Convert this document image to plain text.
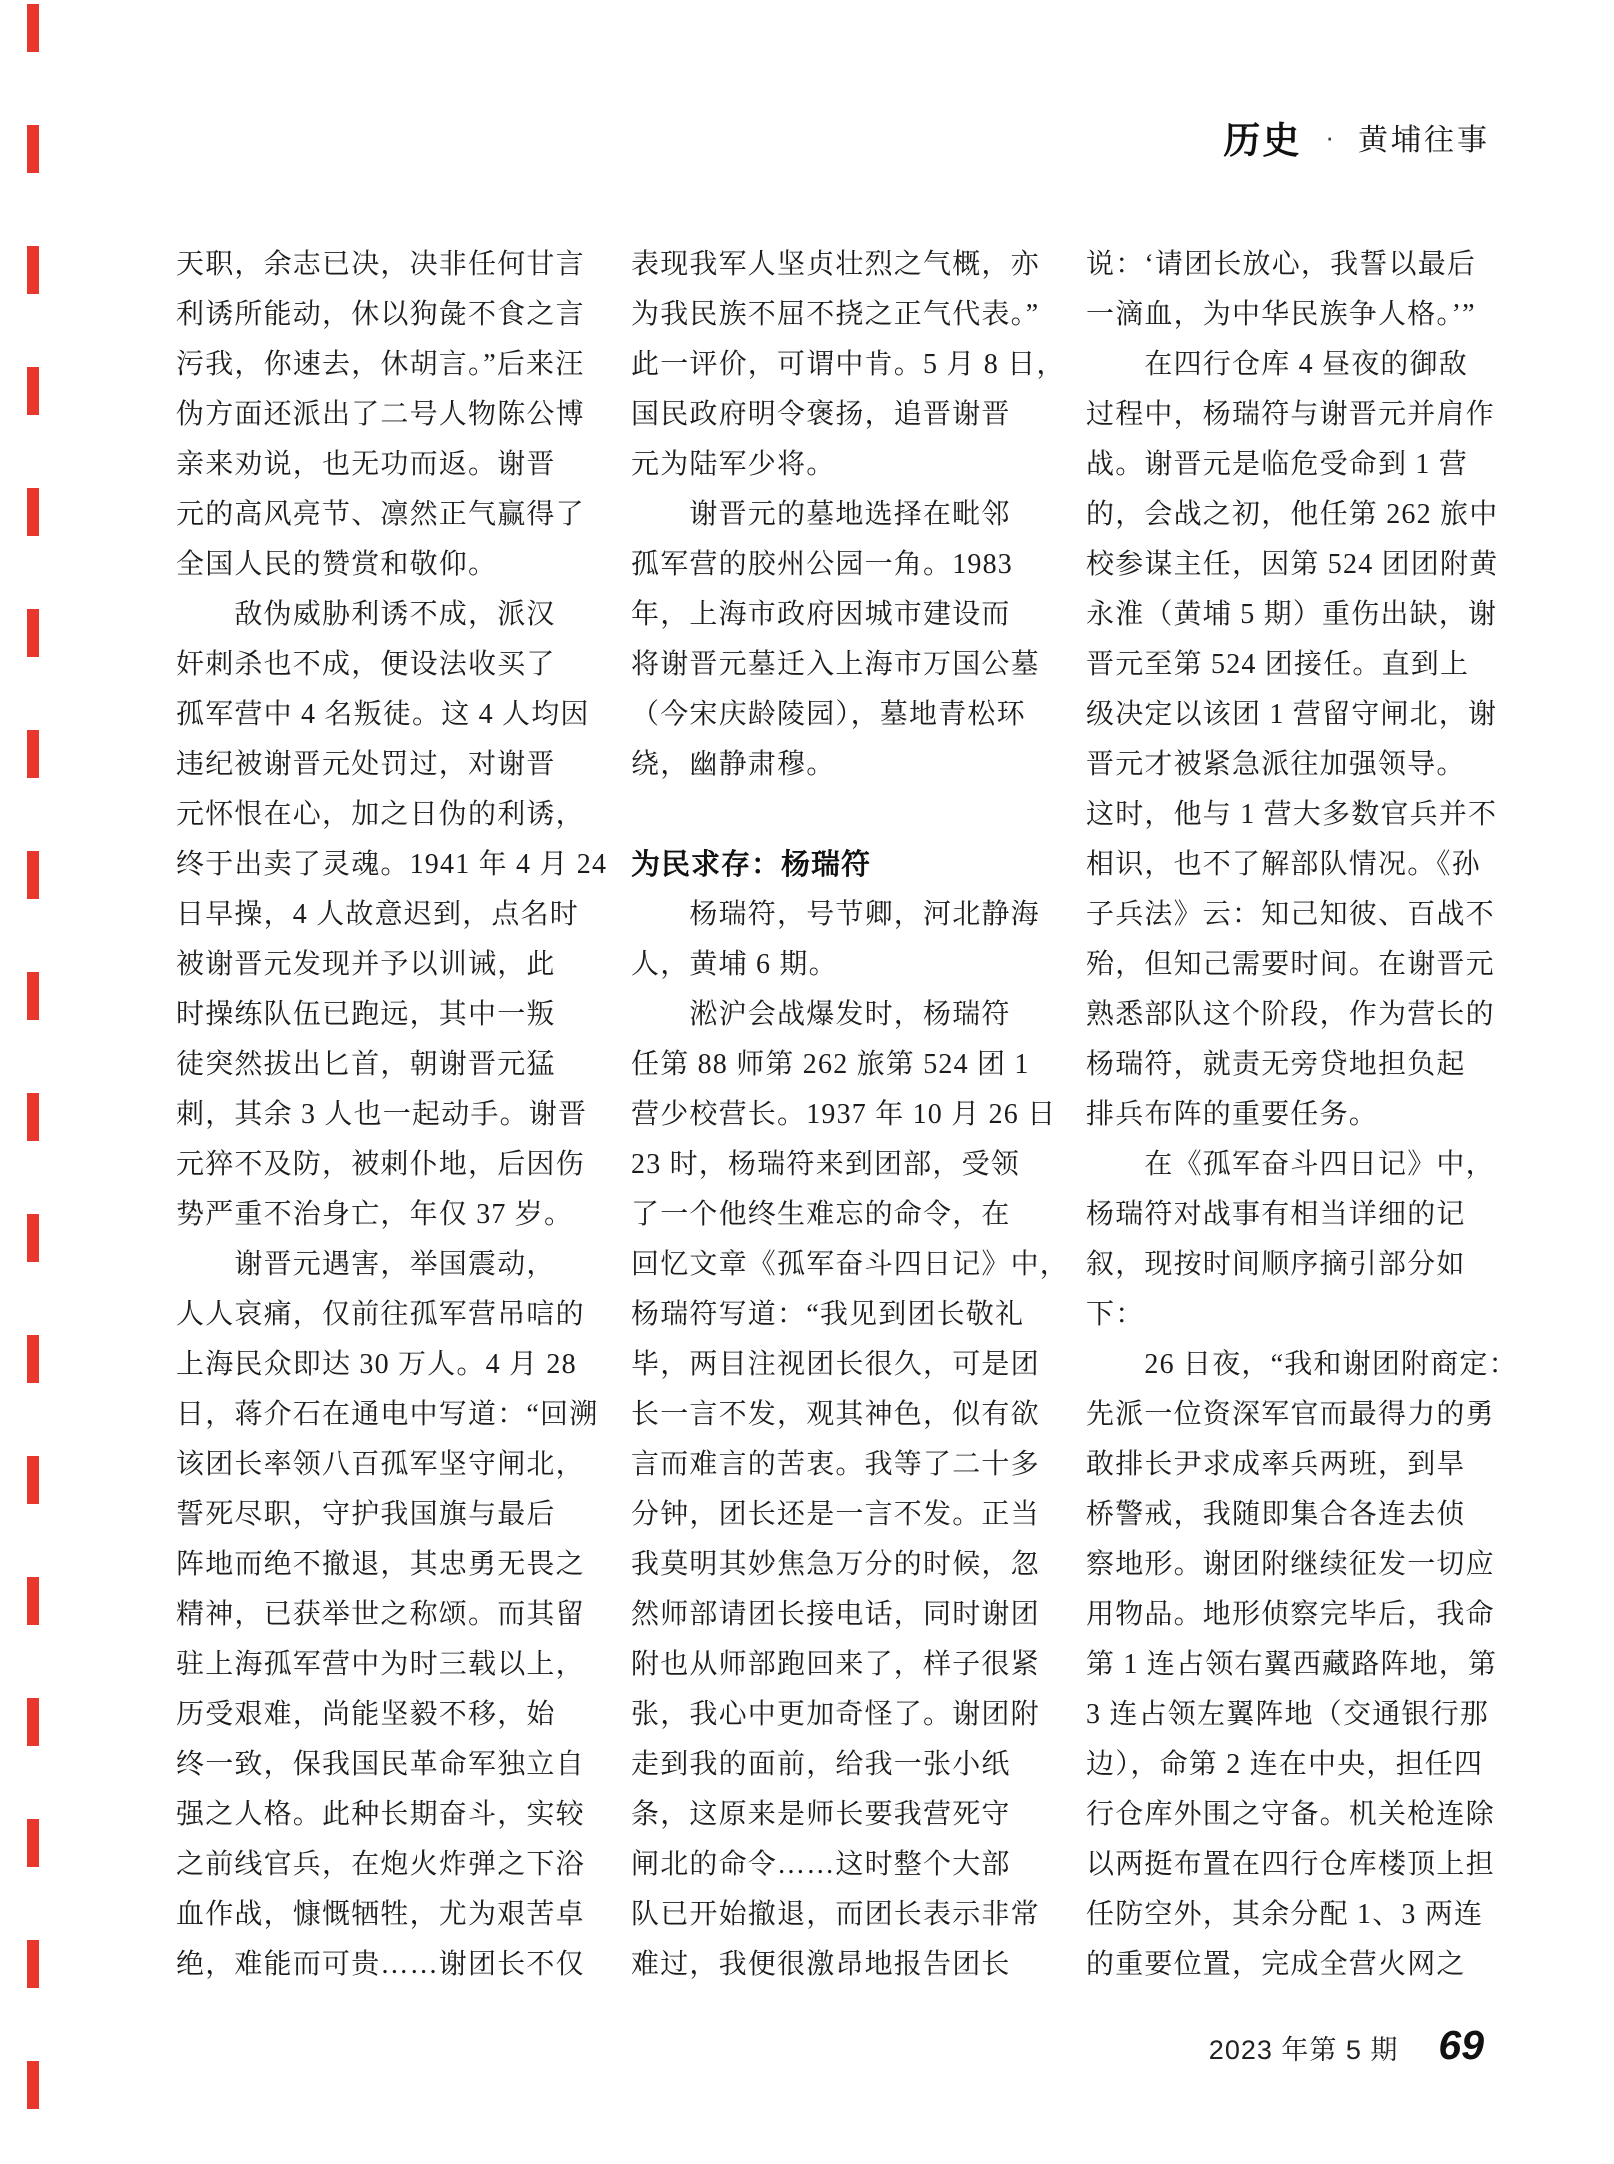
历史 · 黄埔往事
天职，余志已决，决非任何甘言
利诱所能动，休以狗彘不食之言
污我，你速去，休胡言。”后来汪
伪方面还派出了二号人物陈公博
亲来劝说，也无功而返。谢晋
元的高风亮节、凛然正气赢得了
全国人民的赞赏和敬仰。
　　敌伪威胁利诱不成，派汉
奸刺杀也不成，便设法收买了
孤军营中 4 名叛徒。这 4 人均因
违纪被谢晋元处罚过，对谢晋
元怀恨在心，加之日伪的利诱，
终于出卖了灵魂。1941 年 4 月 24
日早操，4 人故意迟到，点名时
被谢晋元发现并予以训诫，此
时操练队伍已跑远，其中一叛
徒突然拔出匕首，朝谢晋元猛
刺，其余 3 人也一起动手。谢晋
元猝不及防，被刺仆地，后因伤
势严重不治身亡，年仅 37 岁。
　　谢晋元遇害，举国震动，
人人哀痛，仅前往孤军营吊唁的
上海民众即达 30 万人。4 月 28
日，蒋介石在通电中写道：“回溯
该团长率领八百孤军坚守闸北，
誓死尽职，守护我国旗与最后
阵地而绝不撤退，其忠勇无畏之
精神，已获举世之称颂。而其留
驻上海孤军营中为时三载以上，
历受艰难，尚能坚毅不移，始
终一致，保我国民革命军独立自
强之人格。此种长期奋斗，实较
之前线官兵，在炮火炸弹之下浴
血作战，慷慨牺牲，尤为艰苦卓
绝，难能而可贵……谢团长不仅
表现我军人坚贞壮烈之气概，亦
为我民族不屈不挠之正气代表。”
此一评价，可谓中肯。5 月 8 日，
国民政府明令褒扬，追晋谢晋
元为陆军少将。
　　谢晋元的墓地选择在毗邻
孤军营的胶州公园一角。1983
年，上海市政府因城市建设而
将谢晋元墓迁入上海市万国公墓
（今宋庆龄陵园），墓地青松环
绕，幽静肃穆。
为民求存：杨瑞符
　　杨瑞符，号节卿，河北静海
人，黄埔 6 期。
　　淞沪会战爆发时，杨瑞符
任第 88 师第 262 旅第 524 团 1
营少校营长。1937 年 10 月 26 日
23 时，杨瑞符来到团部，受领
了一个他终生难忘的命令，在
回忆文章《孤军奋斗四日记》中，
杨瑞符写道：“我见到团长敬礼
毕，两目注视团长很久，可是团
长一言不发，观其神色，似有欲
言而难言的苦衷。我等了二十多
分钟，团长还是一言不发。正当
我莫明其妙焦急万分的时候，忽
然师部请团长接电话，同时谢团
附也从师部跑回来了，样子很紧
张，我心中更加奇怪了。谢团附
走到我的面前，给我一张小纸
条，这原来是师长要我营死守
闸北的命令……这时整个大部
队已开始撤退，而团长表示非常
难过，我便很激昂地报告团长
说：‘请团长放心，我誓以最后
一滴血，为中华民族争人格。’”
　　在四行仓库 4 昼夜的御敌
过程中，杨瑞符与谢晋元并肩作
战。谢晋元是临危受命到 1 营
的，会战之初，他任第 262 旅中
校参谋主任，因第 524 团团附黄
永淮（黄埔 5 期）重伤出缺，谢
晋元至第 524 团接任。直到上
级决定以该团 1 营留守闸北，谢
晋元才被紧急派往加强领导。
这时，他与 1 营大多数官兵并不
相识，也不了解部队情况。《孙
子兵法》云：知己知彼、百战不
殆，但知己需要时间。在谢晋元
熟悉部队这个阶段，作为营长的
杨瑞符，就责无旁贷地担负起
排兵布阵的重要任务。
　　在《孤军奋斗四日记》中，
杨瑞符对战事有相当详细的记
叙，现按时间顺序摘引部分如
下：
　　26 日夜，“我和谢团附商定：
先派一位资深军官而最得力的勇
敢排长尹求成率兵两班，到旱
桥警戒，我随即集合各连去侦
察地形。谢团附继续征发一切应
用物品。地形侦察完毕后，我命
第 1 连占领右翼西藏路阵地，第
3 连占领左翼阵地（交通银行那
边），命第 2 连在中央，担任四
行仓库外围之守备。机关枪连除
以两挺布置在四行仓库楼顶上担
任防空外，其余分配 1、3 两连
的重要位置，完成全营火网之
2023 年第 5 期 69
